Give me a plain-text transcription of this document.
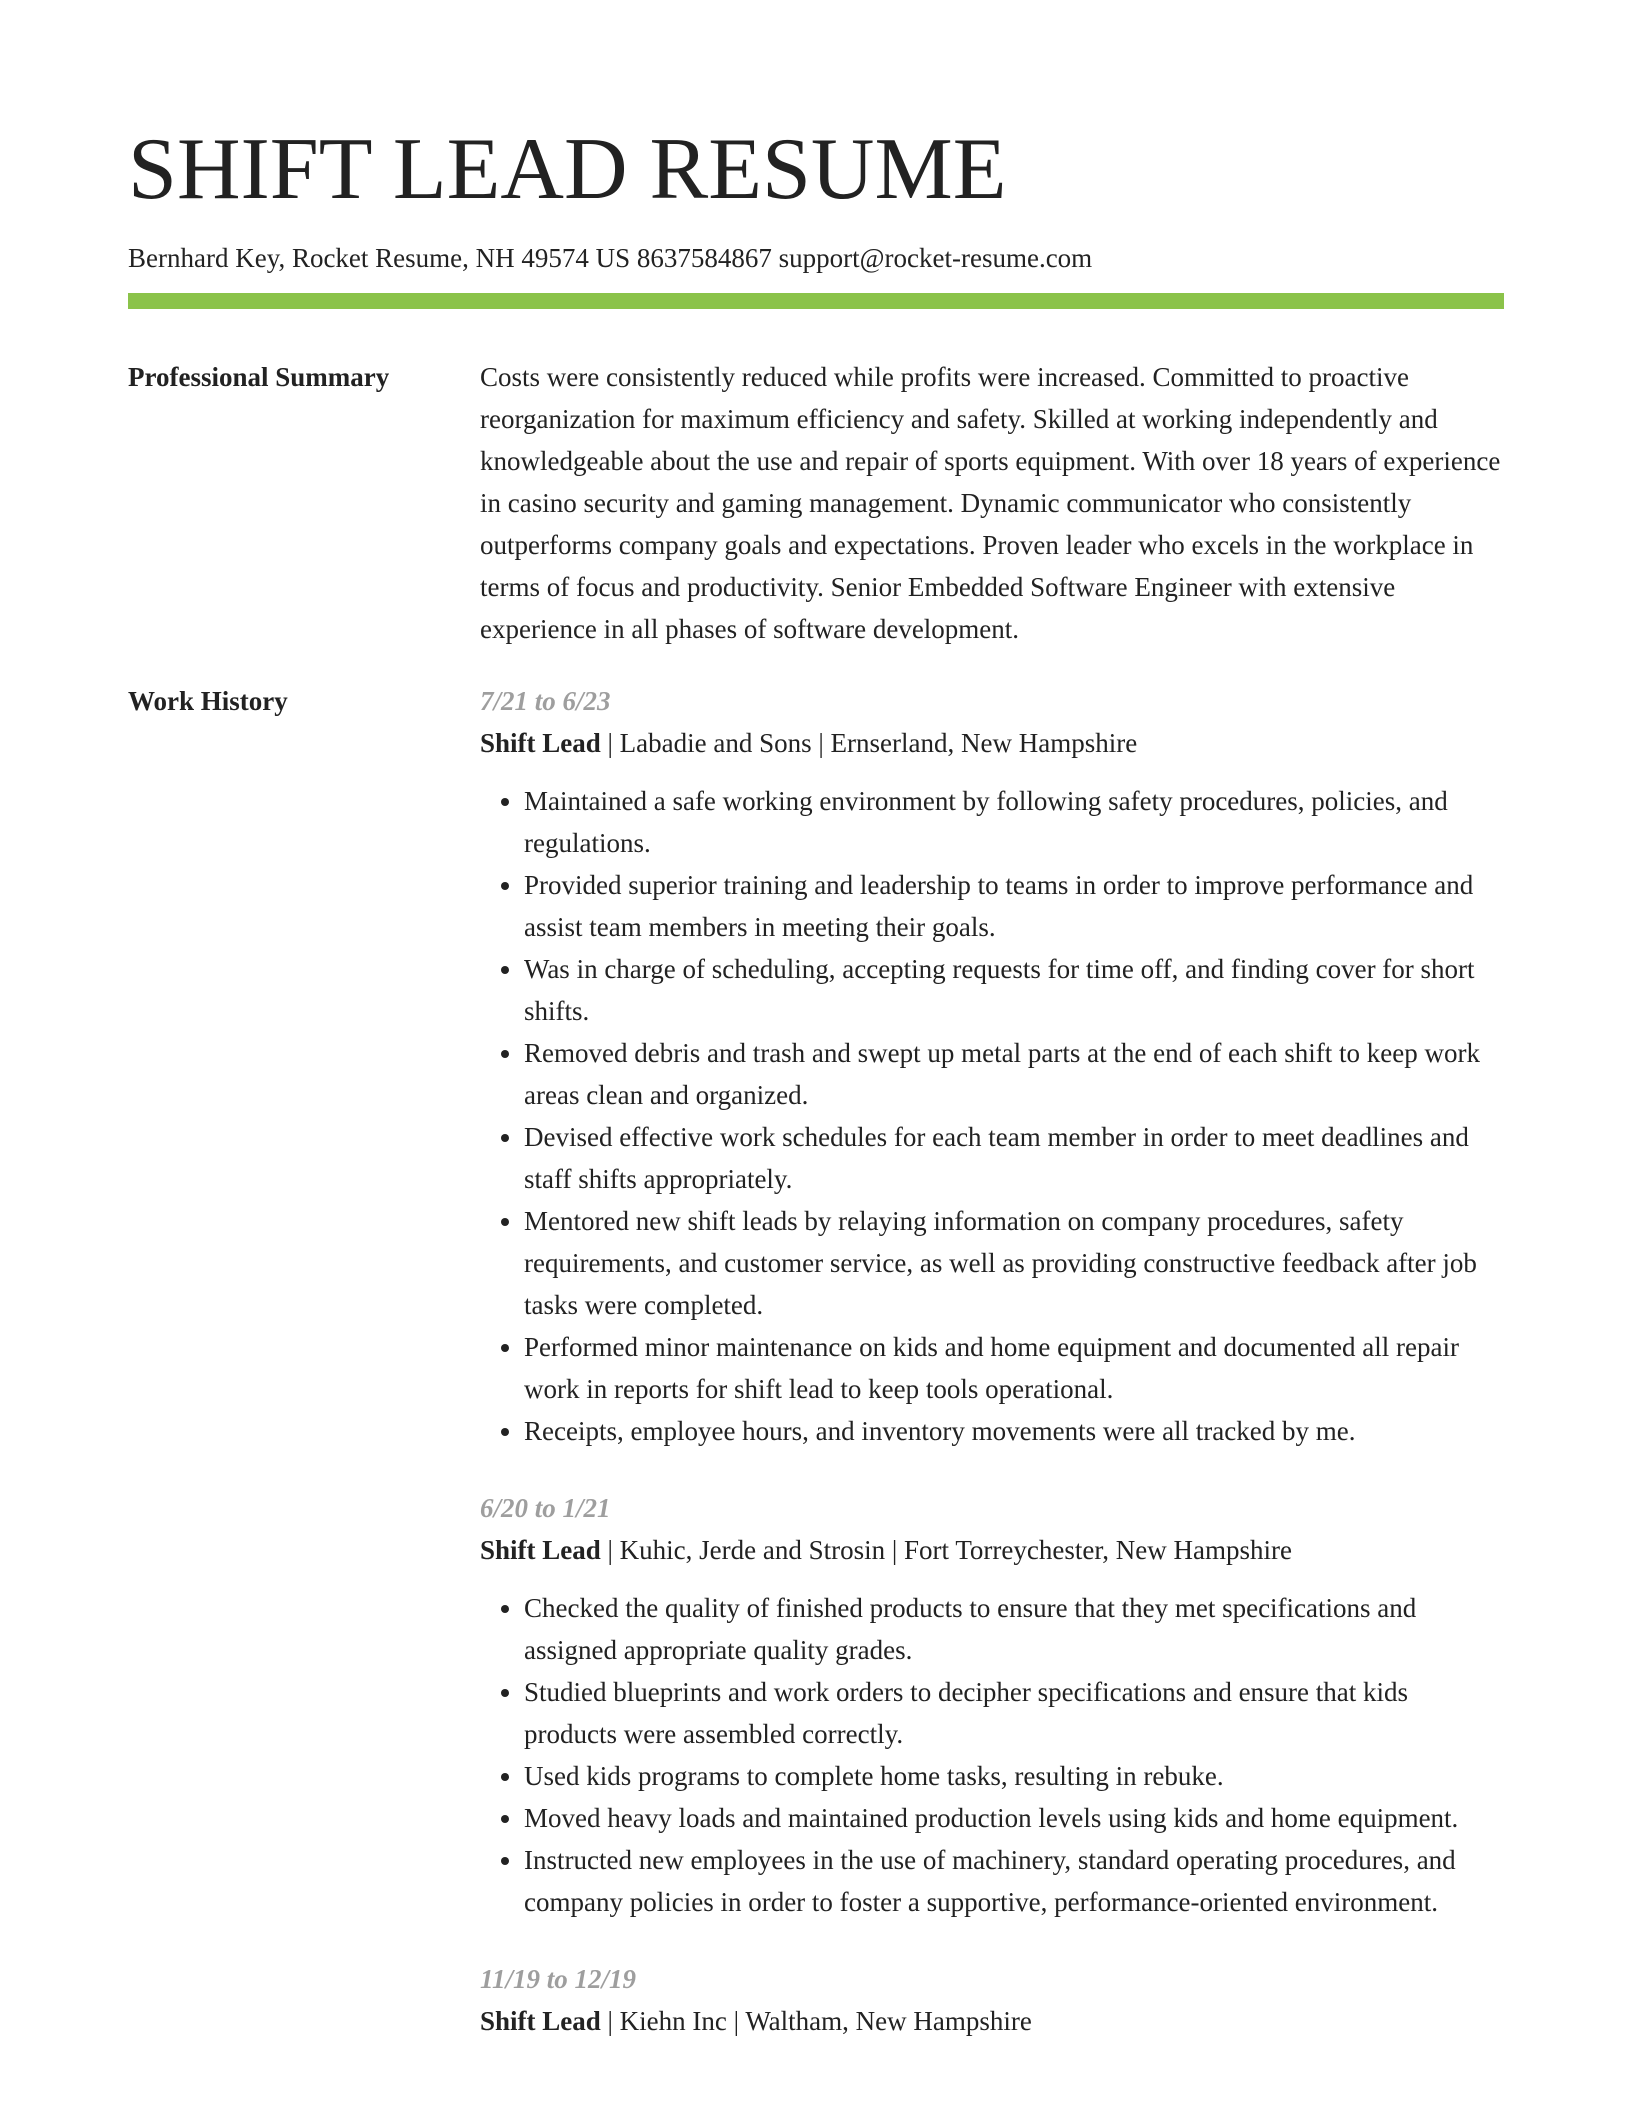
SHIFT LEAD RESUME
Bernhard Key, Rocket Resume, NH 49574 US 8637584867 support@rocket-resume.com
Professional Summary	Costs were consistently reduced while profits were increased. Committed to proactive reorganization for maximum efficiency and safety. Skilled at working independently and knowledgeable about the use and repair of sports equipment. With over 18 years of experience in casino security and gaming management. Dynamic communicator who consistently outperforms company goals and expectations. Proven leader who excels in the workplace in terms of focus and productivity. Senior Embedded Software Engineer with extensive experience in all phases of software development.
Work History	7/21 to 6/23
Shift Lead | Labadie and Sons | Ernserland, New Hampshire
• Maintained a safe working environment by following safety procedures, policies, and regulations.
• Provided superior training and leadership to teams in order to improve performance and assist team members in meeting their goals.
• Was in charge of scheduling, accepting requests for time off, and finding cover for short shifts.
• Removed debris and trash and swept up metal parts at the end of each shift to keep work areas clean and organized.
• Devised effective work schedules for each team member in order to meet deadlines and staff shifts appropriately.
• Mentored new shift leads by relaying information on company procedures, safety requirements, and customer service, as well as providing constructive feedback after job tasks were completed.
• Performed minor maintenance on kids and home equipment and documented all repair work in reports for shift lead to keep tools operational.
• Receipts, employee hours, and inventory movements were all tracked by me.
6/20 to 1/21
Shift Lead | Kuhic, Jerde and Strosin | Fort Torreychester, New Hampshire
• Checked the quality of finished products to ensure that they met specifications and assigned appropriate quality grades.
• Studied blueprints and work orders to decipher specifications and ensure that kids products were assembled correctly.
• Used kids programs to complete home tasks, resulting in rebuke.
• Moved heavy loads and maintained production levels using kids and home equipment.
• Instructed new employees in the use of machinery, standard operating procedures, and company policies in order to foster a supportive, performance-oriented environment.
11/19 to 12/19
Shift Lead | Kiehn Inc | Waltham, New Hampshire
